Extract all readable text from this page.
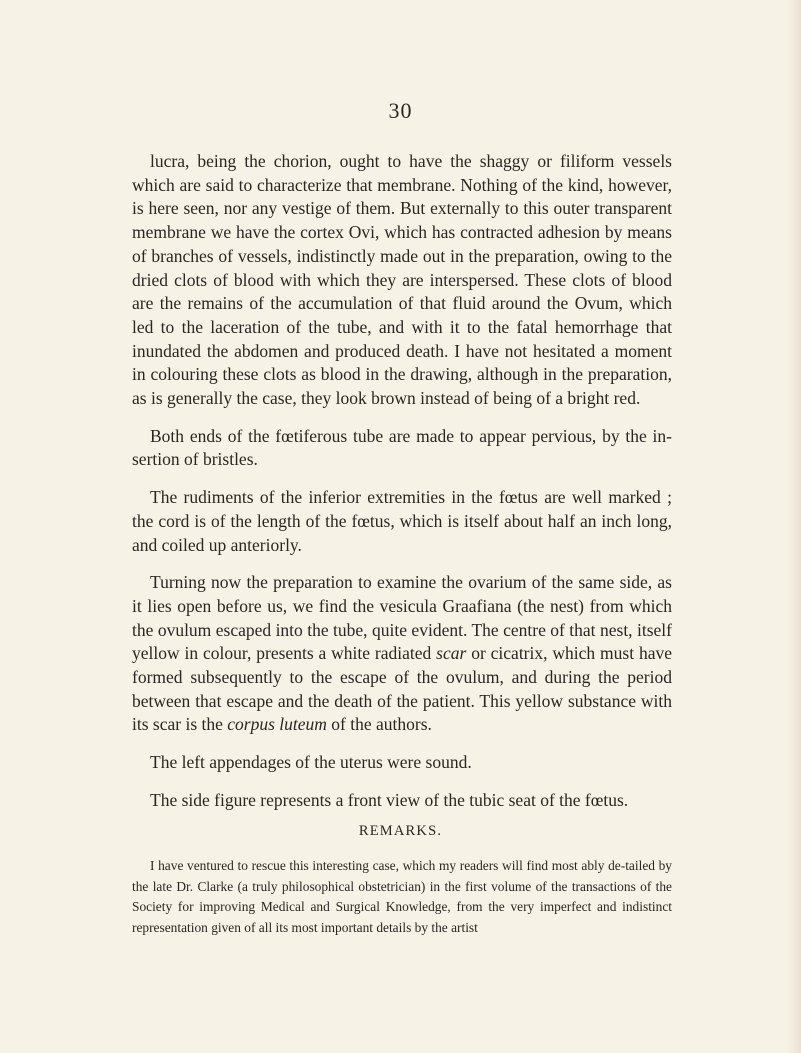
30

lucra, being the chorion, ought to have the shaggy or filiform vessels which are said to characterize that membrane. Nothing of the kind, however, is here seen, nor any vestige of them. But externally to this outer transparent membrane we have the cortex Ovi, which has contracted adhesion by means of branches of vessels, indistinctly made out in the preparation, owing to the dried clots of blood with which they are interspersed. These clots of blood are the remains of the accumulation of that fluid around the Ovum, which led to the laceration of the tube, and with it to the fatal hemorrhage that inundated the abdomen and produced death. I have not hesitated a moment in colouring these clots as blood in the drawing, although in the preparation, as is generally the case, they look brown instead of being of a bright red.

Both ends of the fœtiferous tube are made to appear pervious, by the in-sertion of bristles.

The rudiments of the inferior extremities in the fœtus are well marked ; the cord is of the length of the fœtus, which is itself about half an inch long, and coiled up anteriorly.

Turning now the preparation to examine the ovarium of the same side, as it lies open before us, we find the vesicula Graafiana (the nest) from which the ovulum escaped into the tube, quite evident. The centre of that nest, itself yellow in colour, presents a white radiated scar or cicatrix, which must have formed subsequently to the escape of the ovulum, and during the period between that escape and the death of the patient. This yellow substance with its scar is the corpus luteum of the authors.

The left appendages of the uterus were sound.

The side figure represents a front view of the tubic seat of the fœtus.

REMARKS.

I have ventured to rescue this interesting case, which my readers will find most ably de-tailed by the late Dr. Clarke (a truly philosophical obstetrician) in the first volume of the transactions of the Society for improving Medical and Surgical Knowledge, from the very imperfect and indistinct representation given of all its most important details by the artist
